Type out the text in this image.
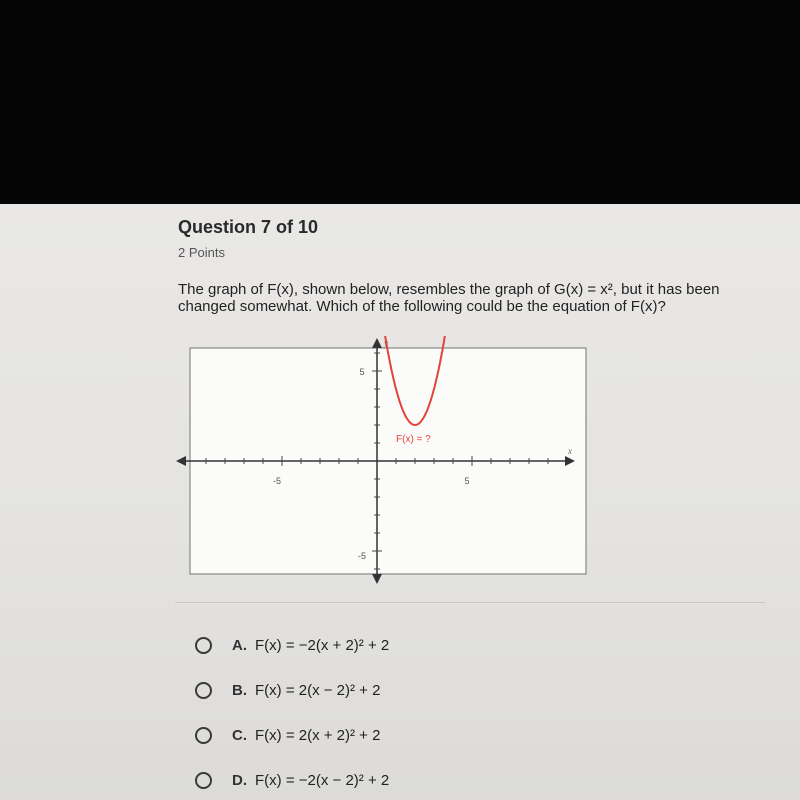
Question 7 of 10
2 Points
The graph of F(x), shown below, resembles the graph of G(x) = x², but it has been changed somewhat. Which of the following could be the equation of F(x)?
-5	5
5
-5
x
y
F(x) = ?
A. F(x) = −2(x + 2)² + 2
B. F(x) = 2(x − 2)² + 2
C. F(x) = 2(x + 2)² + 2
D. F(x) = −2(x − 2)² + 2
